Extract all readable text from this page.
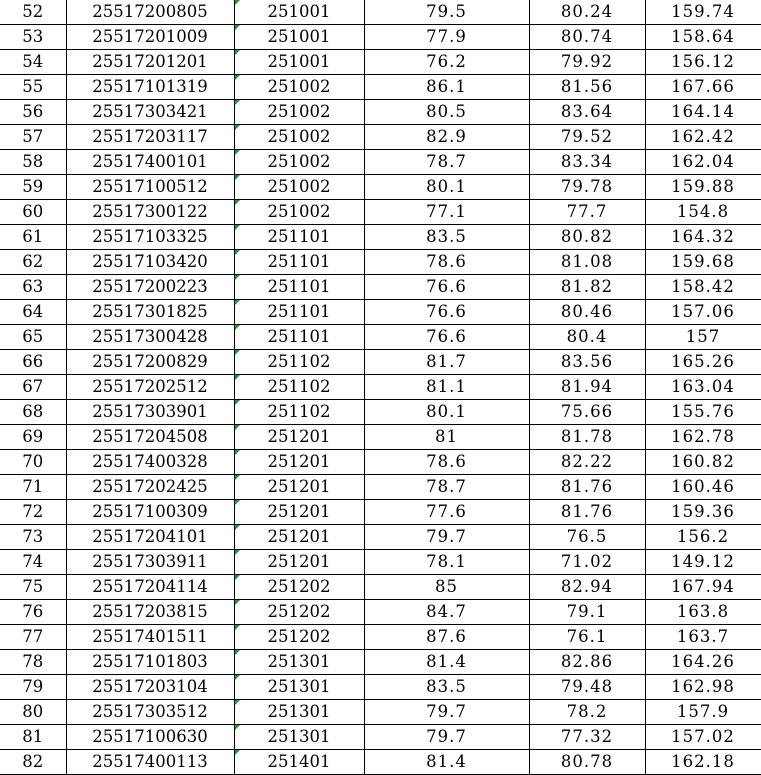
52	25517200805	251001	79.5	80.24	159.74
53	25517201009	251001	77.9	80.74	158.64
54	25517201201	251001	76.2	79.92	156.12
55	25517101319	251002	86.1	81.56	167.66
56	25517303421	251002	80.5	83.64	164.14
57	25517203117	251002	82.9	79.52	162.42
58	25517400101	251002	78.7	83.34	162.04
59	25517100512	251002	80.1	79.78	159.88
60	25517300122	251002	77.1	77.7	154.8
61	25517103325	251101	83.5	80.82	164.32
62	25517103420	251101	78.6	81.08	159.68
63	25517200223	251101	76.6	81.82	158.42
64	25517301825	251101	76.6	80.46	157.06
65	25517300428	251101	76.6	80.4	157
66	25517200829	251102	81.7	83.56	165.26
67	25517202512	251102	81.1	81.94	163.04
68	25517303901	251102	80.1	75.66	155.76
69	25517204508	251201	81	81.78	162.78
70	25517400328	251201	78.6	82.22	160.82
71	25517202425	251201	78.7	81.76	160.46
72	25517100309	251201	77.6	81.76	159.36
73	25517204101	251201	79.7	76.5	156.2
74	25517303911	251201	78.1	71.02	149.12
75	25517204114	251202	85	82.94	167.94
76	25517203815	251202	84.7	79.1	163.8
77	25517401511	251202	87.6	76.1	163.7
78	25517101803	251301	81.4	82.86	164.26
79	25517203104	251301	83.5	79.48	162.98
80	25517303512	251301	79.7	78.2	157.9
81	25517100630	251301	79.7	77.32	157.02
82	25517400113	251401	81.4	80.78	162.18
